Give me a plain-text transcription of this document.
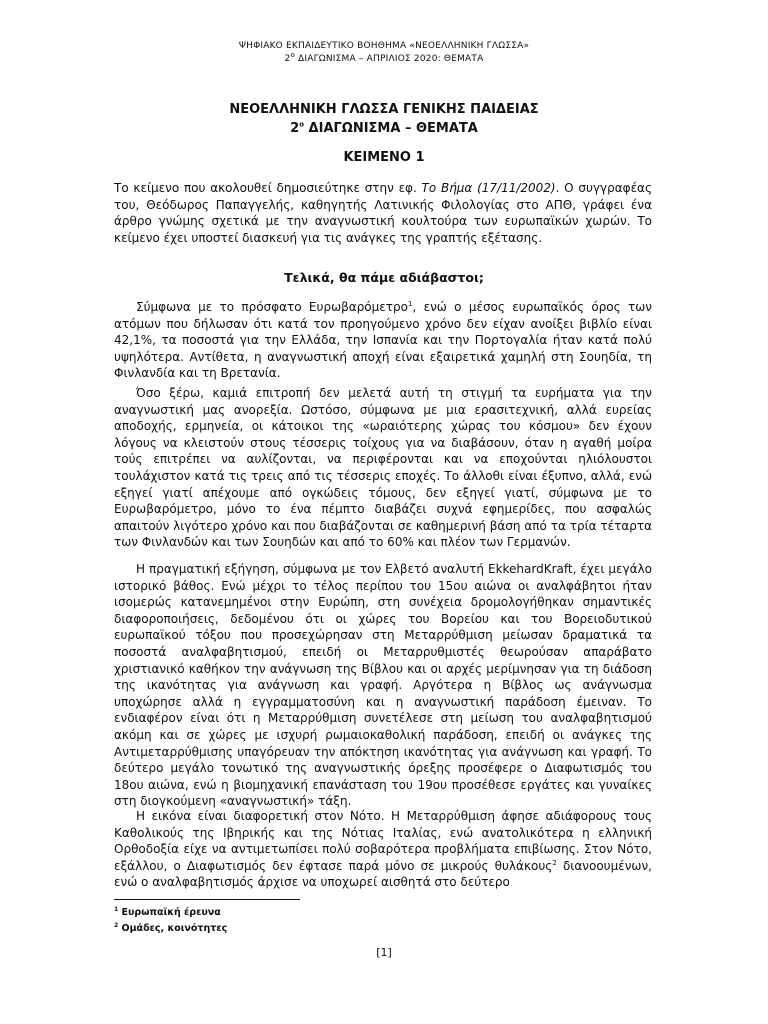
ΨΗΦΙΑΚΟ ΕΚΠΑΙΔΕΥΤΙΚΟ ΒΟΗΘΗΜΑ «ΝΕΟΕΛΛΗΝΙΚΗ ΓΛΩΣΣΑ»
$2^o$ ΔΙΑΓΩΝΙΣΜΑ – ΑΠΡΙΛΙΟΣ 2020: ΘΕΜΑΤΑ
ΝΕΟΕΛΛΗΝΙΚΗ ΓΛΩΣΣΑ ΓΕΝΙΚΗΣ ΠΑΙΔΕΙΑΣ
$2^o$ ΔΙΑΓΩΝΙΣΜΑ – ΘΕΜΑΤΑ
ΚΕΙΜΕΝΟ 1

Το κείμενο που ακολουθεί δημοσιεύτηκε στην εφ. Το Βήμα (17/11/2002). Ο συγγραφέας του, Θεόδωρος Παπαγγελής, καθηγητής Λατινικής Φιλολογίας στο ΑΠΘ, γράφει ένα άρθρο γνώμης σχετικά με την αναγνωστική κουλτούρα των ευρωπαϊκών χωρών. Το κείμενο έχει υποστεί διασκευή για τις ανάγκες της γραπτής εξέτασης.

Τελικά, θα πάμε αδιάβαστοι;

Σύμφωνα με το πρόσφατο Ευρωβαρόμετρο$^1$, ενώ ο μέσος ευρωπαϊκός όρος των ατόμων που δήλωσαν ότι κατά τον προηγούμενο χρόνο δεν είχαν ανοίξει βιβλίο είναι 42,1%, τα ποσοστά για την Ελλάδα, την Ισπανία και την Πορτογαλία ήταν κατά πολύ υψηλότερα. Αντίθετα, η αναγνωστική αποχή είναι εξαιρετικά χαμηλή στη Σουηδία, τη Φινλανδία και τη Βρετανία.

Όσο ξέρω, καμιά επιτροπή δεν μελετά αυτή τη στιγμή τα ευρήματα για την αναγνωστική μας ανορεξία. Ωστόσο, σύμφωνα με μια ερασιτεχνική, αλλά ευρείας αποδοχής, ερμηνεία, οι κάτοικοι της «ωραιότερης χώρας του κόσμου» δεν έχουν λόγους να κλειστούν στους τέσσερις τοίχους για να διαβάσουν, όταν η αγαθή μοίρα τούς επιτρέπει να αυλίζονται, να περιφέρονται και να εποχούνται ηλιόλουστοι τουλάχιστον κατά τις τρεις από τις τέσσερις εποχές. Το άλλοθι είναι έξυπνο, αλλά, ενώ εξηγεί γιατί απέχουμε από ογκώδεις τόμους, δεν εξηγεί γιατί, σύμφωνα με το Ευρωβαρόμετρο, μόνο το ένα πέμπτο διαβάζει συχνά εφημερίδες, που ασφαλώς απαιτούν λιγότερο χρόνο και που διαβάζονται σε καθημερινή βάση από τα τρία τέταρτα των Φινλανδών και των Σουηδών και από το 60% και πλέον των Γερμανών.

Η πραγματική εξήγηση, σύμφωνα με τον Ελβετό αναλυτή EkkehardKraft, έχει μεγάλο ιστορικό βάθος. Ενώ μέχρι το τέλος περίπου του 15ου αιώνα οι αναλφάβητοι ήταν ισομερώς κατανεμημένοι στην Ευρώπη, στη συνέχεια δρομολογήθηκαν σημαντικές διαφοροποιήσεις, δεδομένου ότι οι χώρες του Βορείου και του Βορειοδυτικού ευρωπαϊκού τόξου που προσεχώρησαν στη Μεταρρύθμιση μείωσαν δραματικά τα ποσοστά αναλφαβητισμού, επειδή οι Μεταρρυθμιστές θεωρούσαν απαράβατο χριστιανικό καθήκον την ανάγνωση της Βίβλου και οι αρχές μερίμνησαν για τη διάδοση της ικανότητας για ανάγνωση και γραφή. Αργότερα η Βίβλος ως ανάγνωσμα υποχώρησε αλλά η εγγραμματοσύνη και η αναγνωστική παράδοση έμειναν. Το ενδιαφέρον είναι ότι η Μεταρρύθμιση συνετέλεσε στη μείωση του αναλφαβητισμού ακόμη και σε χώρες με ισχυρή ρωμαιοκαθολική παράδοση, επειδή οι ανάγκες της Αντιμεταρρύθμισης υπαγόρευαν την απόκτηση ικανότητας για ανάγνωση και γραφή. Το δεύτερο μεγάλο τονωτικό της αναγνωστικής όρεξης προσέφερε ο Διαφωτισμός του 18ου αιώνα, ενώ η βιομηχανική επανάσταση του 19ου προσέθεσε εργάτες και γυναίκες στη διογκούμενη «αναγνωστική» τάξη.

Η εικόνα είναι διαφορετική στον Νότο. Η Μεταρρύθμιση άφησε αδιάφορους τους Καθολικούς της Ιβηρικής και της Νότιας Ιταλίας, ενώ ανατολικότερα η ελληνική Ορθοδοξία είχε να αντιμετωπίσει πολύ σοβαρότερα προβλήματα επιβίωσης. Στον Νότο, εξάλλου, ο Διαφωτισμός δεν έφτασε παρά μόνο σε μικρούς θυλάκους$^2$ διανοουμένων, ενώ ο αναλφαβητισμός άρχισε να υποχωρεί αισθητά στο δεύτερο

$^1$ Ευρωπαϊκή έρευνα
$^2$ Ομάδες, κοινότητες
[1]
